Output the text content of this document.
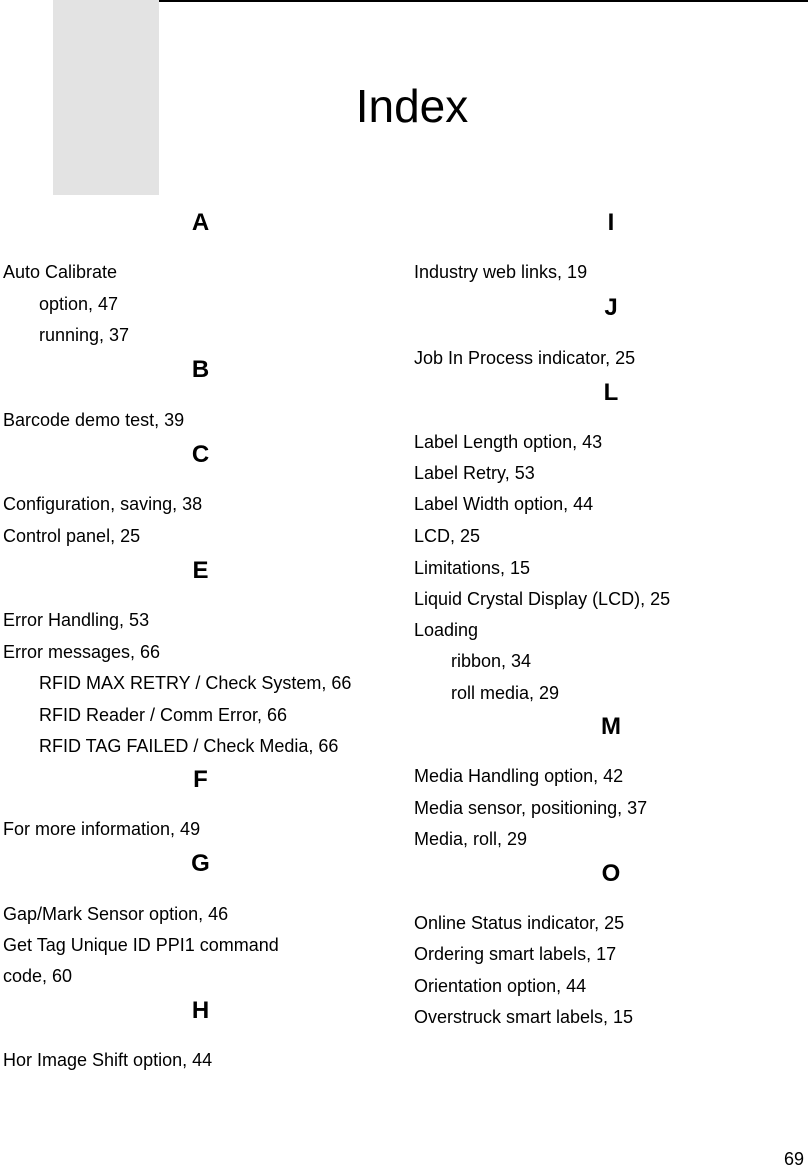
Index
A
Auto Calibrate
option, 47
running, 37
B
Barcode demo test, 39
C
Configuration, saving, 38
Control panel, 25
E
Error Handling, 53
Error messages, 66
RFID MAX RETRY / Check System, 66
RFID Reader / Comm Error, 66
RFID TAG FAILED / Check Media, 66
F
For more information, 49
G
Gap/Mark Sensor option, 46
Get Tag Unique ID PPI1 command
code, 60
H
Hor Image Shift option, 44
I
Industry web links, 19
J
Job In Process indicator, 25
L
Label Length option, 43
Label Retry, 53
Label Width option, 44
LCD, 25
Limitations, 15
Liquid Crystal Display (LCD), 25
Loading
ribbon, 34
roll media, 29
M
Media Handling option, 42
Media sensor, positioning, 37
Media, roll, 29
O
Online Status indicator, 25
Ordering smart labels, 17
Orientation option, 44
Overstruck smart labels, 15
69
